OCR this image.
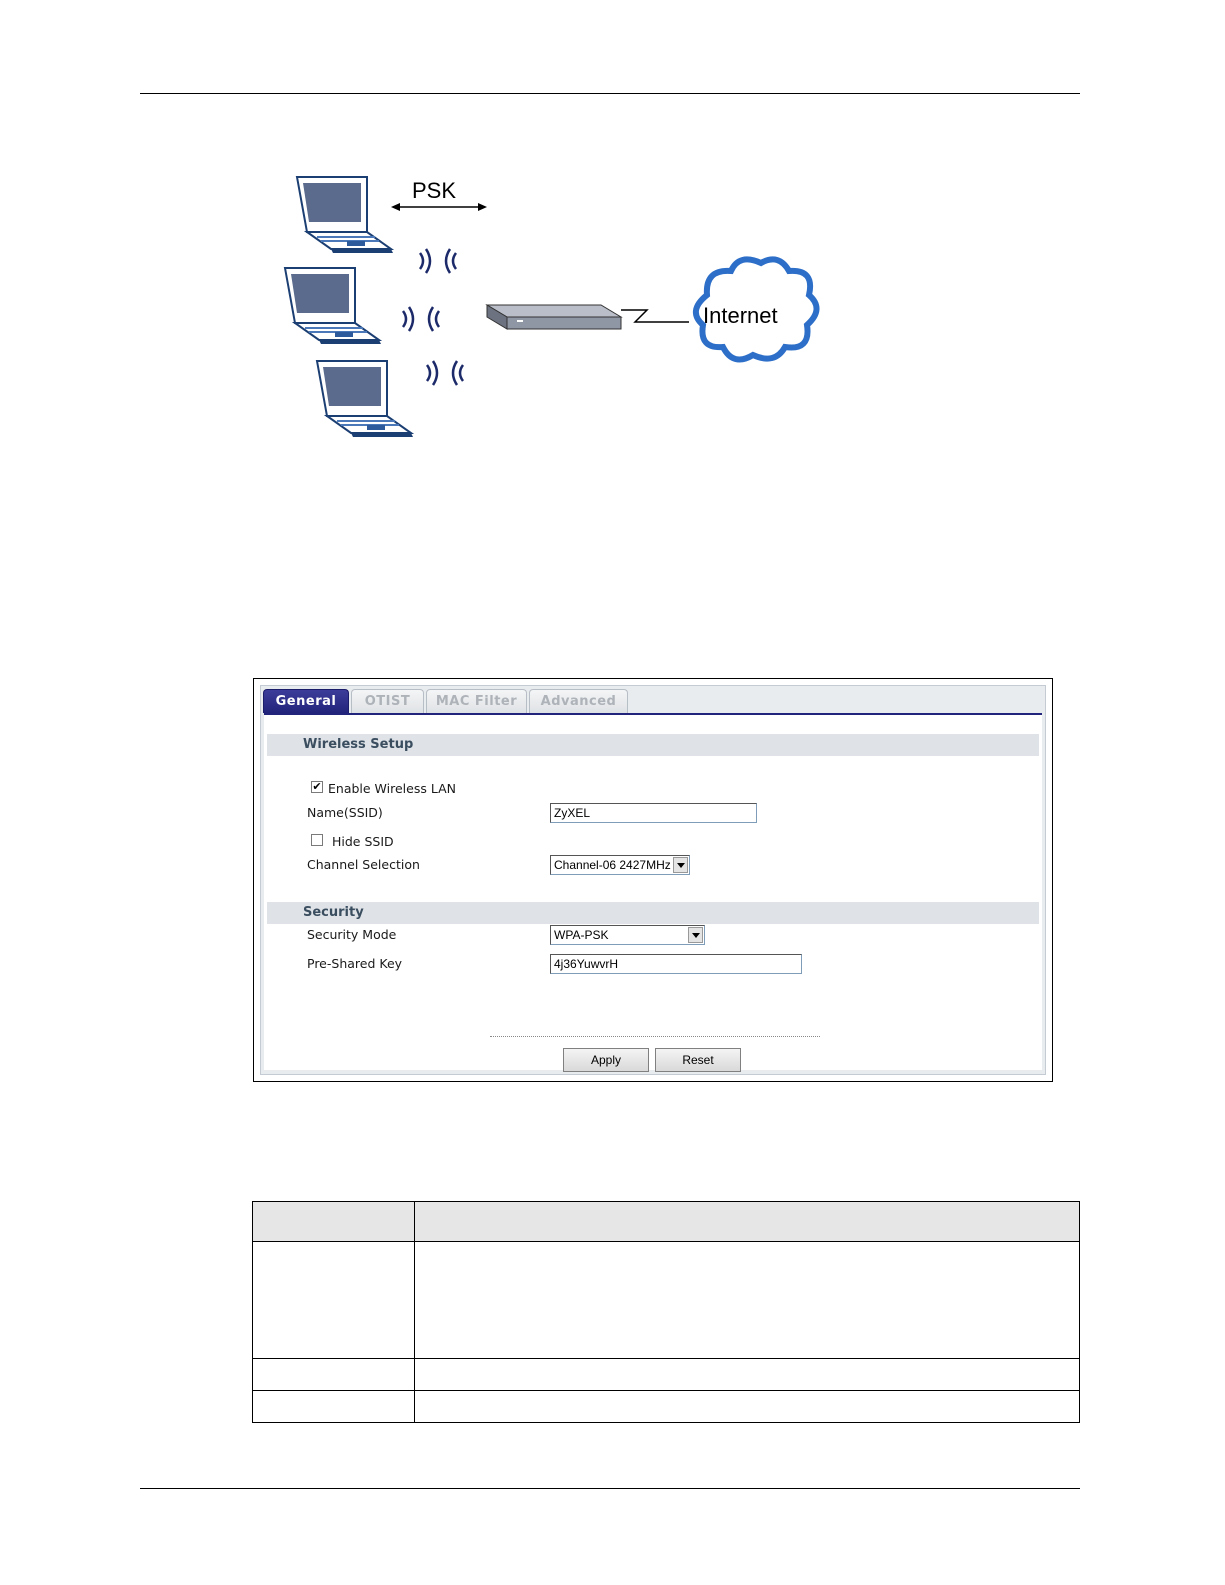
PSK
Internet
General	OTIST	MAC Filter	Advanced
Wireless Setup
✔ Enable Wireless LAN
Name(SSID)	ZyXEL
Hide SSID
Channel Selection	Channel-06 2427MHz
Security
Security Mode	WPA-PSK
Pre-Shared Key	4j36YuwvrH
Apply	Reset
